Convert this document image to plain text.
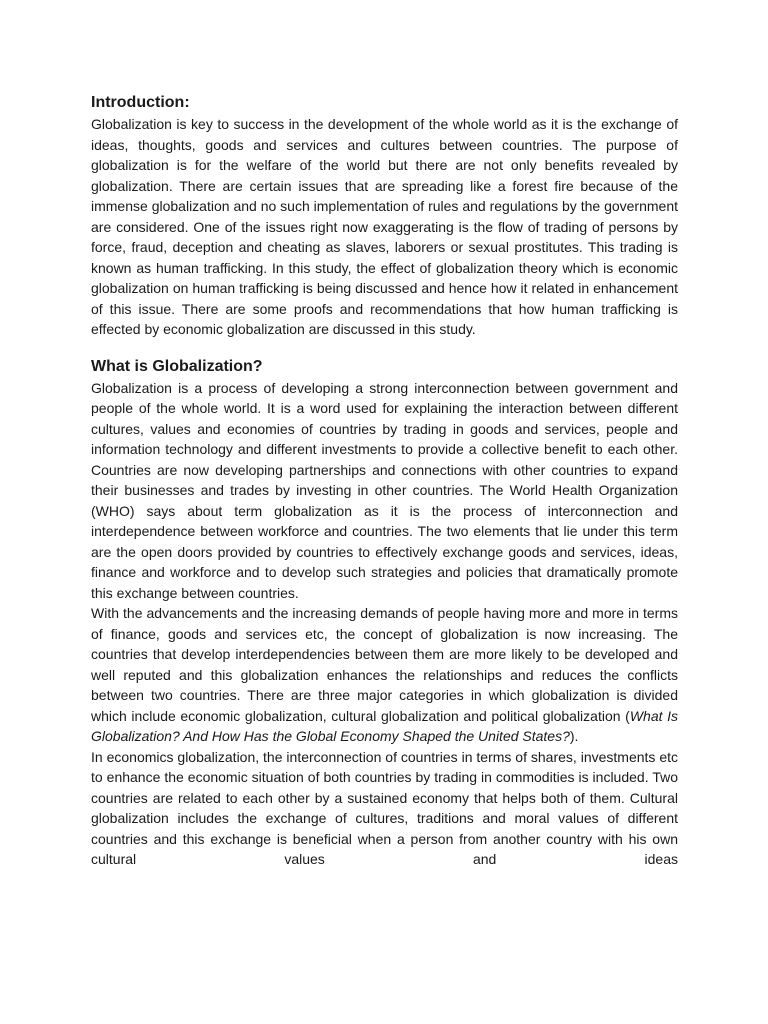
Introduction:

Globalization is key to success in the development of the whole world as it is the exchange of ideas, thoughts, goods and services and cultures between countries. The purpose of globalization is for the welfare of the world but there are not only benefits revealed by globalization. There are certain issues that are spreading like a forest fire because of the immense globalization and no such implementation of rules and regulations by the government are considered. One of the issues right now exaggerating is the flow of trading of persons by force, fraud, deception and cheating as slaves, laborers or sexual prostitutes. This trading is known as human trafficking. In this study, the effect of globalization theory which is economic globalization on human trafficking is being discussed and hence how it related in enhancement of this issue. There are some proofs and recommendations that how human trafficking is effected by economic globalization are discussed in this study.

What is Globalization?

Globalization is a process of developing a strong interconnection between government and people of the whole world. It is a word used for explaining the interaction between different cultures, values and economies of countries by trading in goods and services, people and information technology and different investments to provide a collective benefit to each other. Countries are now developing partnerships and connections with other countries to expand their businesses and trades by investing in other countries. The World Health Organization (WHO) says about term globalization as it is the process of interconnection and interdependence between workforce and countries. The two elements that lie under this term are the open doors provided by countries to effectively exchange goods and services, ideas, finance and workforce and to develop such strategies and policies that dramatically promote this exchange between countries.

With the advancements and the increasing demands of people having more and more in terms of finance, goods and services etc, the concept of globalization is now increasing. The countries that develop interdependencies between them are more likely to be developed and well reputed and this globalization enhances the relationships and reduces the conflicts between two countries. There are three major categories in which globalization is divided which include economic globalization, cultural globalization and political globalization (What Is Globalization? And How Has the Global Economy Shaped the United States?).

In economics globalization, the interconnection of countries in terms of shares, investments etc to enhance the economic situation of both countries by trading in commodities is included. Two countries are related to each other by a sustained economy that helps both of them. Cultural globalization includes the exchange of cultures, traditions and moral values of different countries and this exchange is beneficial when a person from another country with his own cultural values and ideas
